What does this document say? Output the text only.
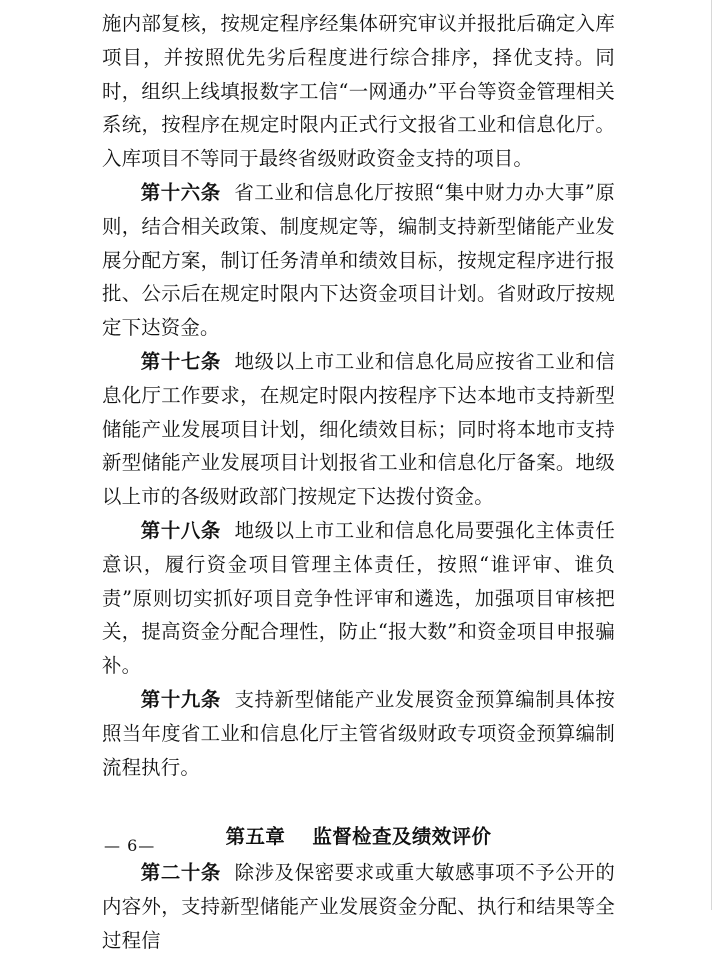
施内部复核，按规定程序经集体研究审议并报批后确定入库项目，并按照优先劣后程度进行综合排序，择优支持。同时，组织上线填报数字工信“一网通办”平台等资金管理相关系统，按程序在规定时限内正式行文报省工业和信息化厅。入库项目不等同于最终省级财政资金支持的项目。

第十六条 省工业和信息化厅按照“集中财力办大事”原则，结合相关政策、制度规定等，编制支持新型储能产业发展分配方案，制订任务清单和绩效目标，按规定程序进行报批、公示后在规定时限内下达资金项目计划。省财政厅按规定下达资金。

第十七条 地级以上市工业和信息化局应按省工业和信息化厅工作要求，在规定时限内按程序下达本地市支持新型储能产业发展项目计划，细化绩效目标；同时将本地市支持新型储能产业发展项目计划报省工业和信息化厅备案。地级以上市的各级财政部门按规定下达拨付资金。

第十八条 地级以上市工业和信息化局要强化主体责任意识，履行资金项目管理主体责任，按照“谁评审、谁负责”原则切实抓好项目竞争性评审和遴选，加强项目审核把关，提高资金分配合理性，防止“报大数”和资金项目申报骗补。

第十九条 支持新型储能产业发展资金预算编制具体按照当年度省工业和信息化厅主管省级财政专项资金预算编制流程执行。

第五章 监督检查及绩效评价

第二十条 除涉及保密要求或重大敏感事项不予公开的内容外，支持新型储能产业发展资金分配、执行和结果等全过程信

— 6—
